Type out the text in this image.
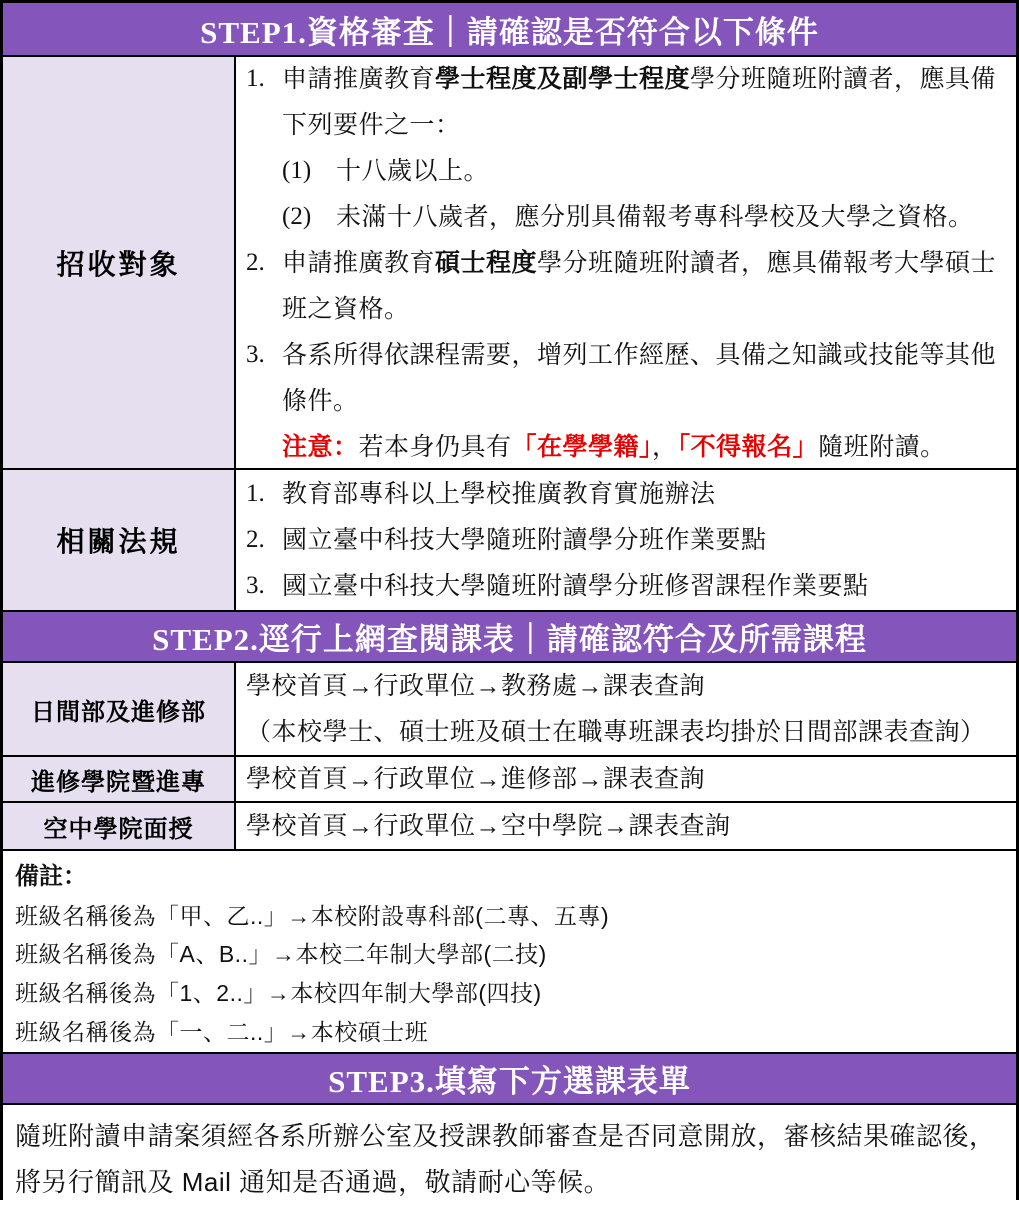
STEP1.資格審查｜請確認是否符合以下條件
招收對象
1. 申請推廣教育學士程度及副學士程度學分班隨班附讀者，應具備下列要件之一：
(1) 十八歲以上。
(2) 未滿十八歲者，應分別具備報考專科學校及大學之資格。
2. 申請推廣教育碩士程度學分班隨班附讀者，應具備報考大學碩士班之資格。
3. 各系所得依課程需要，增列工作經歷、具備之知識或技能等其他條件。
注意：若本身仍具有「在學學籍」，「不得報名」隨班附讀。
相關法規
1. 教育部專科以上學校推廣教育實施辦法
2. 國立臺中科技大學隨班附讀學分班作業要點
3. 國立臺中科技大學隨班附讀學分班修習課程作業要點
STEP2.逕行上網查閱課表｜請確認符合及所需課程
日間部及進修部
學校首頁→行政單位→教務處→課表查詢
（本校學士、碩士班及碩士在職專班課表均掛於日間部課表查詢）
進修學院暨進專	學校首頁→行政單位→進修部→課表查詢
空中學院面授	學校首頁→行政單位→空中學院→課表查詢
備註：
班級名稱後為「甲、乙..」→本校附設專科部(二專、五專)
班級名稱後為「A、B..」→本校二年制大學部(二技)
班級名稱後為「1、2..」→本校四年制大學部(四技)
班級名稱後為「一、二..」→本校碩士班
STEP3.填寫下方選課表單
隨班附讀申請案須經各系所辦公室及授課教師審查是否同意開放，審核結果確認後，將另行簡訊及 Mail 通知是否通過，敬請耐心等候。
